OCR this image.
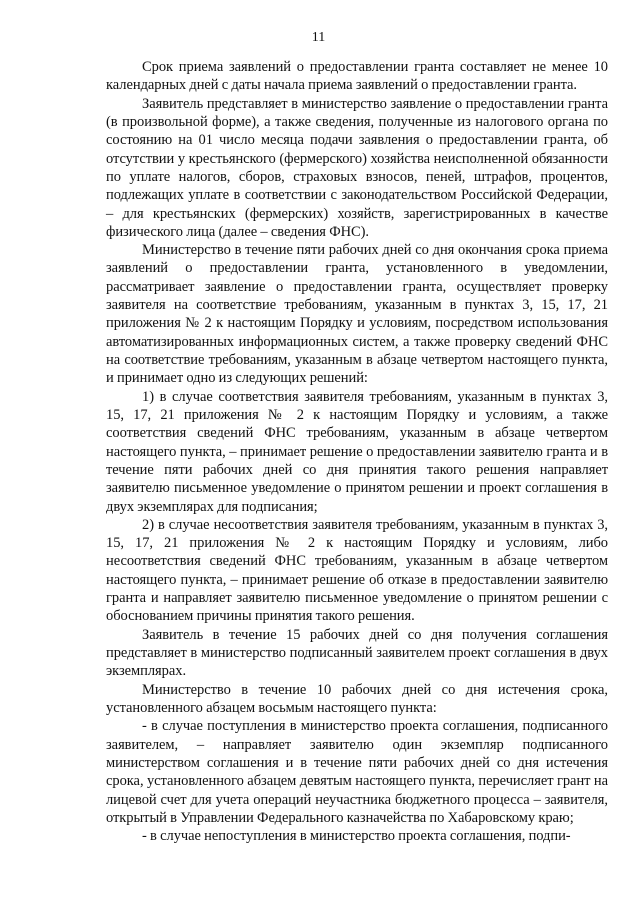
11

Срок приема заявлений о предоставлении гранта составляет не менее 10 календарных дней с даты начала приема заявлений о предоставлении гранта.

Заявитель представляет в министерство заявление о предоставлении гранта (в произвольной форме), а также сведения, полученные из налогового органа по состоянию на 01 число месяца подачи заявления о предоставлении гранта, об отсутствии у крестьянского (фермерского) хозяйства неисполненной обязанности по уплате налогов, сборов, страховых взносов, пеней, штрафов, процентов, подлежащих уплате в соответствии с законодательством Российской Федерации, – для крестьянских (фермерских) хозяйств, зарегистрированных в качестве физического лица (далее – сведения ФНС).

Министерство в течение пяти рабочих дней со дня окончания срока приема заявлений о предоставлении гранта, установленного в уведомлении, рассматривает заявление о предоставлении гранта, осуществляет проверку заявителя на соответствие требованиям, указанным в пунктах 3, 15, 17, 21 приложения № 2 к настоящим Порядку и условиям, посредством использования автоматизированных информационных систем, а также проверку сведений ФНС на соответствие требованиям, указанным в абзаце четвертом настоящего пункта, и принимает одно из следующих решений:

1) в случае соответствия заявителя требованиям, указанным в пунктах 3, 15, 17, 21 приложения № 2 к настоящим Порядку и условиям, а также соответствия сведений ФНС требованиям, указанным в абзаце четвертом настоящего пункта, – принимает решение о предоставлении заявителю гранта и в течение пяти рабочих дней со дня принятия такого решения направляет заявителю письменное уведомление о принятом решении и проект соглашения в двух экземплярах для подписания;

2) в случае несоответствия заявителя требованиям, указанным в пунктах 3, 15, 17, 21 приложения № 2 к настоящим Порядку и условиям, либо несоответствия сведений ФНС требованиям, указанным в абзаце четвертом настоящего пункта, – принимает решение об отказе в предоставлении заявителю гранта и направляет заявителю письменное уведомление о принятом решении с обоснованием причины принятия такого решения.

Заявитель в течение 15 рабочих дней со дня получения соглашения представляет в министерство подписанный заявителем проект соглашения в двух экземплярах.

Министерство в течение 10 рабочих дней со дня истечения срока, установленного абзацем восьмым настоящего пункта:

- в случае поступления в министерство проекта соглашения, подписанного заявителем, – направляет заявителю один экземпляр подписанного министерством соглашения и в течение пяти рабочих дней со дня истечения срока, установленного абзацем девятым настоящего пункта, перечисляет грант на лицевой счет для учета операций неучастника бюджетного процесса – заявителя, открытый в Управлении Федерального казначейства по Хабаровскому краю;

- в случае непоступления в министерство проекта соглашения, подпи-
